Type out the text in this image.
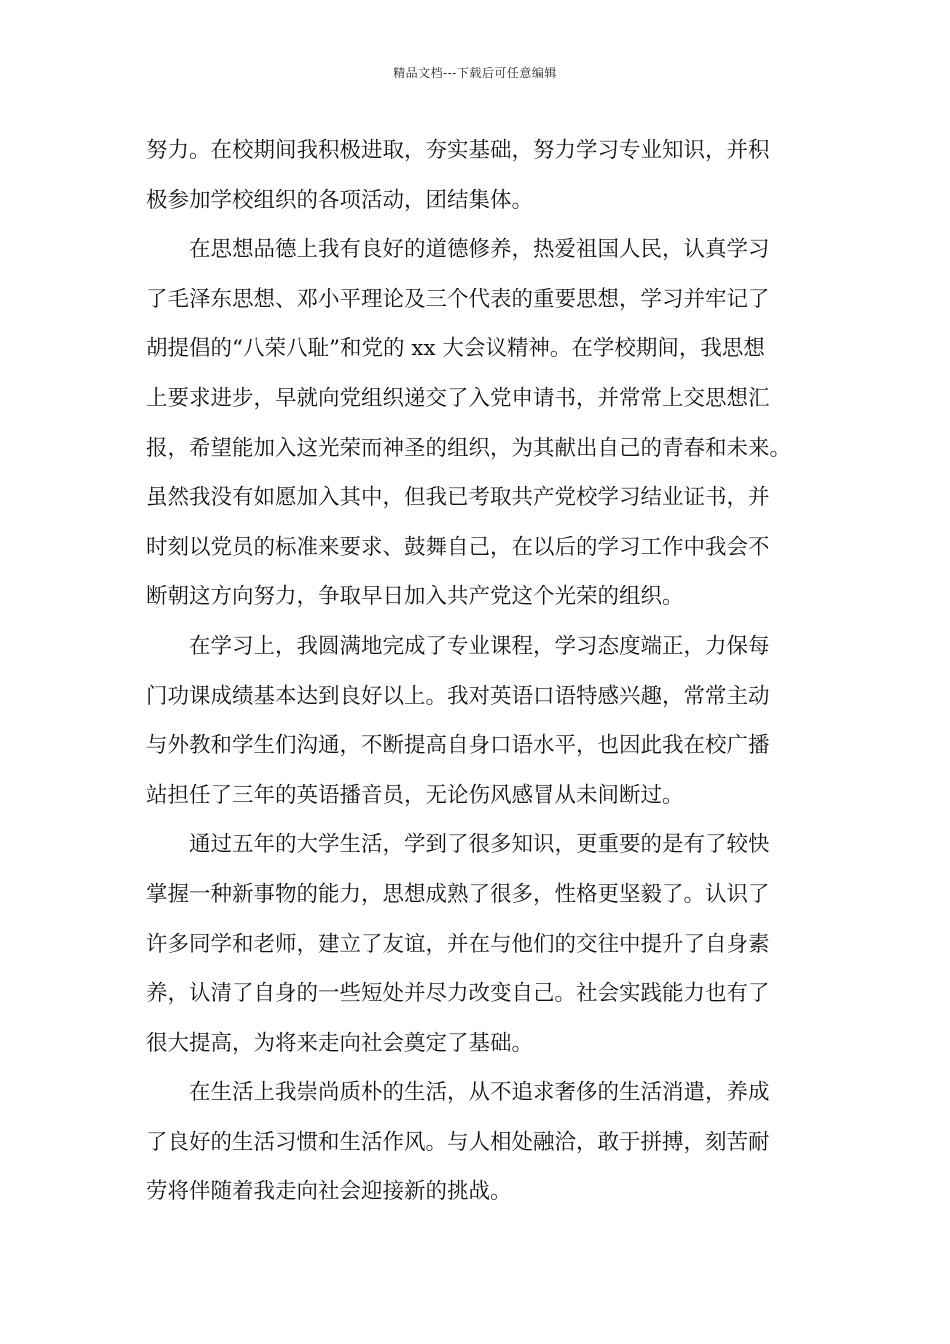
精品文档---下载后可任意编辑
努力。在校期间我积极进取，夯实基础，努力学习专业知识，并积
极参加学校组织的各项活动，团结集体。
在思想品德上我有良好的道德修养，热爱祖国人民，认真学习
了毛泽东思想、邓小平理论及三个代表的重要思想，学习并牢记了
胡提倡的“八荣八耻”和党的 xx 大会议精神。在学校期间，我思想
上要求进步，早就向党组织递交了入党申请书，并常常上交思想汇
报，希望能加入这光荣而神圣的组织，为其献出自己的青春和未来。
虽然我没有如愿加入其中，但我已考取共产党校学习结业证书，并
时刻以党员的标准来要求、鼓舞自己，在以后的学习工作中我会不
断朝这方向努力，争取早日加入共产党这个光荣的组织。
在学习上，我圆满地完成了专业课程，学习态度端正，力保每
门功课成绩基本达到良好以上。我对英语口语特感兴趣，常常主动
与外教和学生们沟通，不断提高自身口语水平，也因此我在校广播
站担任了三年的英语播音员，无论伤风感冒从未间断过。
通过五年的大学生活，学到了很多知识，更重要的是有了较快
掌握一种新事物的能力，思想成熟了很多，性格更坚毅了。认识了
许多同学和老师，建立了友谊，并在与他们的交往中提升了自身素
养，认清了自身的一些短处并尽力改变自己。社会实践能力也有了
很大提高，为将来走向社会奠定了基础。
在生活上我崇尚质朴的生活，从不追求奢侈的生活消遣，养成
了良好的生活习惯和生活作风。与人相处融洽，敢于拼搏，刻苦耐
劳将伴随着我走向社会迎接新的挑战。
